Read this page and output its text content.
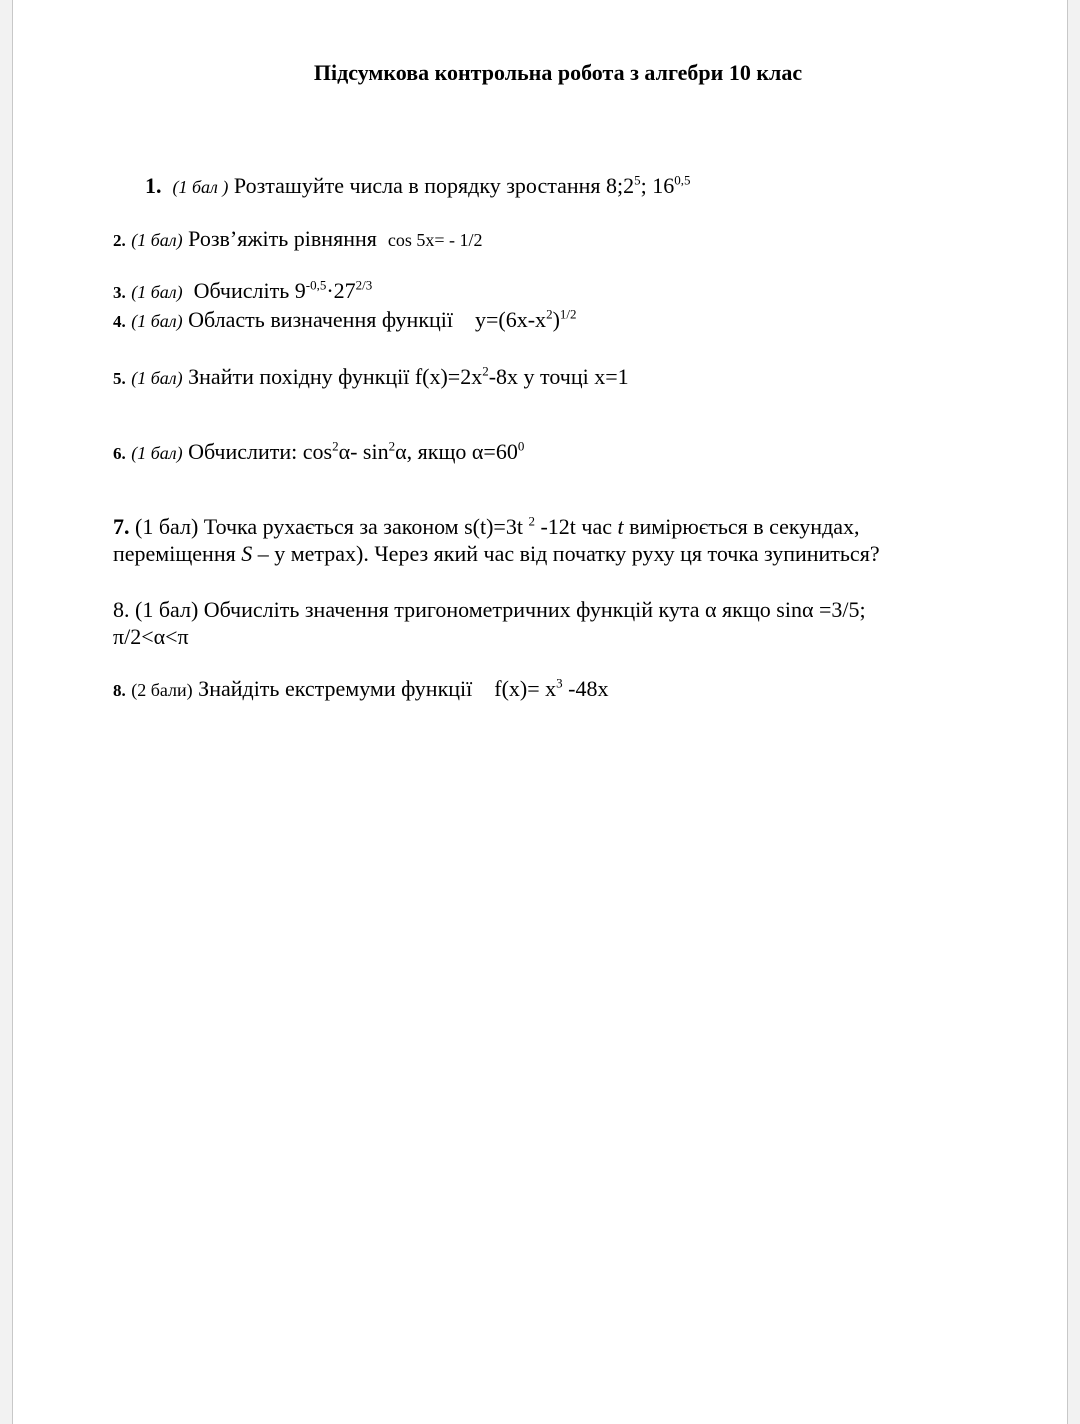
Підсумкова контрольна робота з алгебри 10 клас
1. (1 бал ) Розташуйте числа в порядку зростання $8;2^5$; 16$^{0,5}$
2. (1 бал) Розв’яжіть рівняння cos 5x= - 1/2
3. (1 бал) Обчисліть $9^{-0,5}\cdot 27^{2/3}$
4. (1 бал) Область визначення функції $y=(6x-x^2)^{1/2}$
5. (1 бал) Знайти похідну функції $f(x)=2x^2-8x$ у точці x=1
6. (1 бал) Обчислити: $\cos^2\alpha-$ $\sin^2\alpha$, якщо $\alpha=60^0$
7. (1 бал) Точка рухається за законом s(t)=3t $^2$ -12t час t вимірюється в секундах,
переміщення S – у метрах). Через який час від початку руху ця точка зупиниться?
8. (1 бал) Обчисліть значення тригонометричних функцій кута α якщо sinα =3/5;
π/2<α<π
8. (2 бали) Знайдіть екстремуми функції $f(x)= x^3$ -48x
